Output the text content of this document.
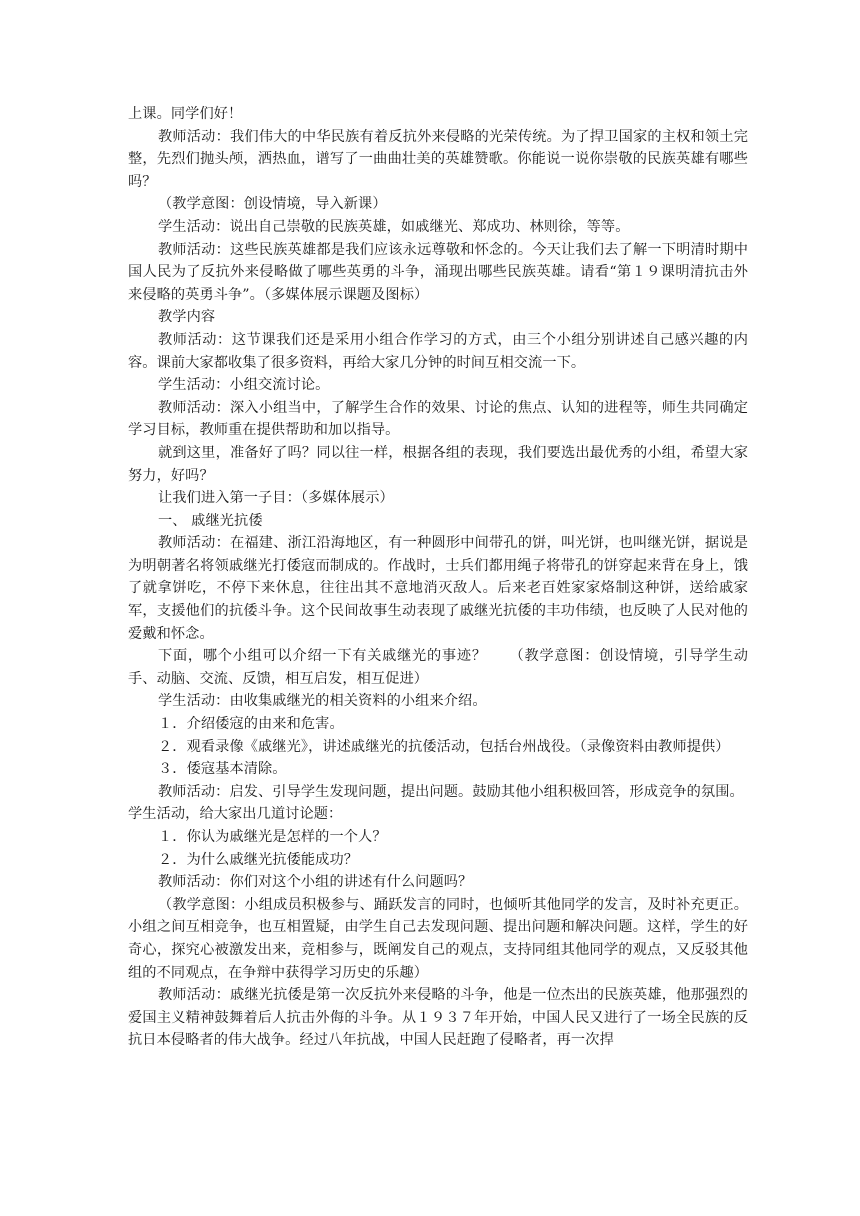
上课。同学们好！

教师活动：我们伟大的中华民族有着反抗外来侵略的光荣传统。为了捍卫国家的主权和领土完整，先烈们抛头颅，洒热血，谱写了一曲曲壮美的英雄赞歌。你能说一说你崇敬的民族英雄有哪些吗？

（教学意图：创设情境，导入新课）

学生活动：说出自己崇敬的民族英雄，如戚继光、郑成功、林则徐，等等。

教师活动：这些民族英雄都是我们应该永远尊敬和怀念的。今天让我们去了解一下明清时期中国人民为了反抗外来侵略做了哪些英勇的斗争，涌现出哪些民族英雄。请看“第１９课明清抗击外来侵略的英勇斗争”。（多媒体展示课题及图标）

教学内容

教师活动：这节课我们还是采用小组合作学习的方式，由三个小组分别讲述自己感兴趣的内容。课前大家都收集了很多资料，再给大家几分钟的时间互相交流一下。

学生活动：小组交流讨论。

教师活动：深入小组当中，了解学生合作的效果、讨论的焦点、认知的进程等，师生共同确定学习目标，教师重在提供帮助和加以指导。

就到这里，准备好了吗？同以往一样，根据各组的表现，我们要选出最优秀的小组，希望大家努力，好吗？

让我们进入第一子目：（多媒体展示）

一、 戚继光抗倭

教师活动：在福建、浙江沿海地区，有一种圆形中间带孔的饼，叫光饼，也叫继光饼，据说是为明朝著名将领戚继光打倭寇而制成的。作战时，士兵们都用绳子将带孔的饼穿起来背在身上，饿了就拿饼吃，不停下来休息，往往出其不意地消灭敌人。后来老百姓家家烙制这种饼，送给戚家军，支援他们的抗倭斗争。这个民间故事生动表现了戚继光抗倭的丰功伟绩，也反映了人民对他的爱戴和怀念。

下面，哪个小组可以介绍一下有关戚继光的事迹？　　（教学意图：创设情境，引导学生动手、动脑、交流、反馈，相互启发，相互促进）

学生活动：由收集戚继光的相关资料的小组来介绍。

１．介绍倭寇的由来和危害。

２．观看录像《戚继光》，讲述戚继光的抗倭活动，包括台州战役。（录像资料由教师提供）

３．倭寇基本清除。

教师活动：启发、引导学生发现问题，提出问题。鼓励其他小组积极回答，形成竞争的氛围。

学生活动，给大家出几道讨论题：

１．你认为戚继光是怎样的一个人？

２．为什么戚继光抗倭能成功？

教师活动：你们对这个小组的讲述有什么问题吗？

（教学意图：小组成员积极参与、踊跃发言的同时，也倾听其他同学的发言，及时补充更正。小组之间互相竞争，也互相置疑，由学生自己去发现问题、提出问题和解决问题。这样，学生的好奇心，探究心被激发出来，竞相参与，既阐发自己的观点，支持同组其他同学的观点，又反驳其他组的不同观点，在争辩中获得学习历史的乐趣）

教师活动：戚继光抗倭是第一次反抗外来侵略的斗争，他是一位杰出的民族英雄，他那强烈的爱国主义精神鼓舞着后人抗击外侮的斗争。从１９３７年开始，中国人民又进行了一场全民族的反抗日本侵略者的伟大战争。经过八年抗战，中国人民赶跑了侵略者，再一次捍
